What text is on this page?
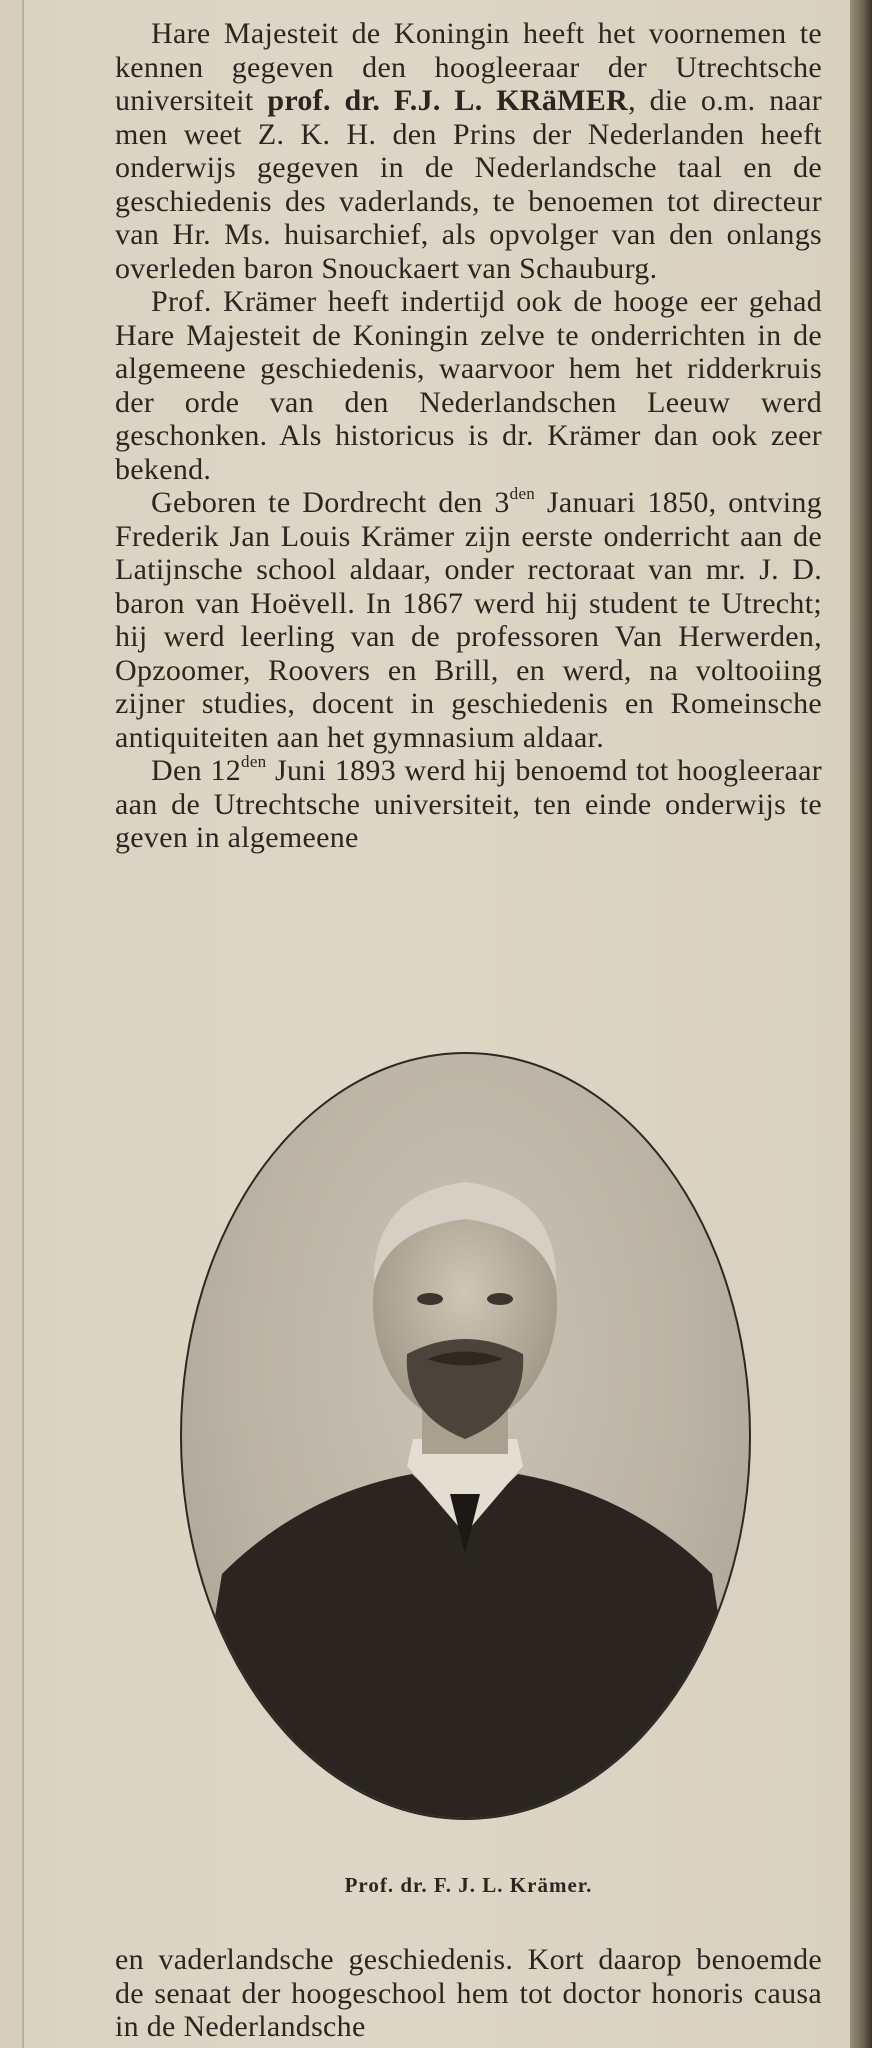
Hare Majesteit de Koningin heeft het voornemen te kennen gegeven den hoogleeraar der Utrechtsche universiteit prof. dr. F.J. L. KRäMER, die o.m. naar men weet Z. K. H. den Prins der Nederlanden heeft onderwijs gegeven in de Nederlandsche taal en de geschiedenis des vaderlands, te benoemen tot directeur van Hr. Ms. huisarchief, als opvolger van den onlangs overleden baron Snouckaert van Schauburg.

Prof. Krämer heeft indertijd ook de hooge eer gehad Hare Majesteit de Koningin zelve te onderrichten in de algemeene geschiedenis, waarvoor hem het ridderkruis der orde van den Nederlandschen Leeuw werd geschonken. Als historicus is dr. Krämer dan ook zeer bekend.

Geboren te Dordrecht den $3^{den}$ Januari 1850, ontving Frederik Jan Louis Krämer zijn eerste onderricht aan de Latijnsche school aldaar, onder rectoraat van mr. J. D. baron van Hoëvell. In 1867 werd hij student te Utrecht; hij werd leerling van de professoren Van Herwerden, Opzoomer, Roovers en Brill, en werd, na voltooiing zijner studies, docent in geschiedenis en Romeinsche antiquiteiten aan het gymnasium aldaar.

Den $12^{den}$ Juni 1893 werd hij benoemd tot hoogleeraar aan de Utrechtsche universiteit, ten einde onderwijs te geven in algemeene

Prof. dr. F. J. L. Krämer.

en vaderlandsche geschiedenis. Kort daarop benoemde de senaat der hoogeschool hem tot doctor honoris causa in de Nederlandsche
